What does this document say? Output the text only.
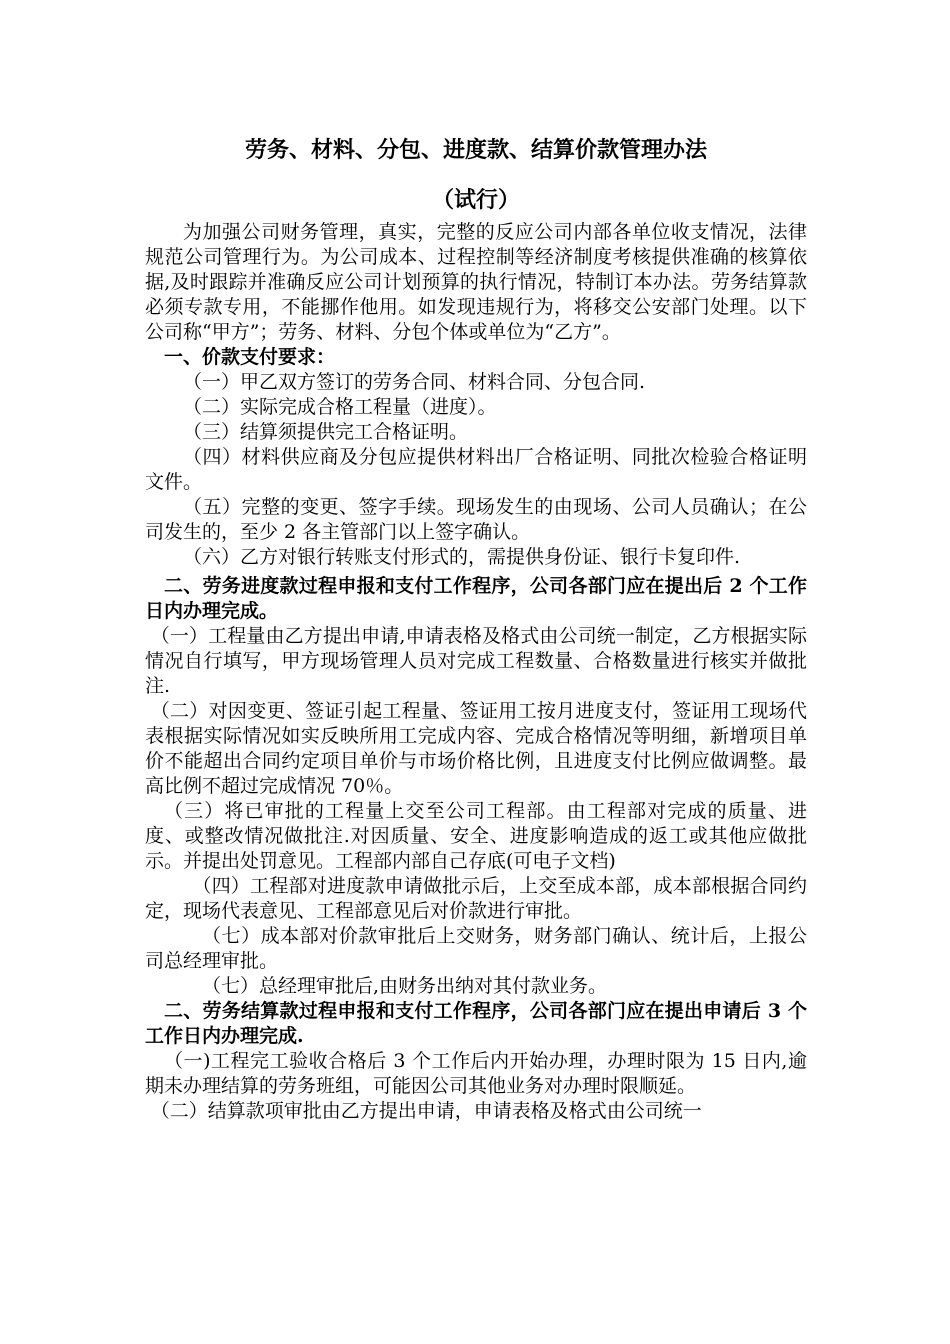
劳务、材料、分包、进度款、结算价款管理办法
（试行）

为加强公司财务管理，真实，完整的反应公司内部各单位收支情况，法律规范公司管理行为。为公司成本、过程控制等经济制度考核提供准确的核算依据,及时跟踪并准确反应公司计划预算的执行情况，特制订本办法。劳务结算款必须专款专用，不能挪作他用。如发现违规行为，将移交公安部门处理。以下公司称“甲方”；劳务、材料、分包个体或单位为“乙方”。

一、价款支付要求：

（一）甲乙双方签订的劳务合同、材料合同、分包合同.

（二）实际完成合格工程量（进度）。

（三）结算须提供完工合格证明。

（四）材料供应商及分包应提供材料出厂合格证明、同批次检验合格证明文件。

（五）完整的变更、签字手续。现场发生的由现场、公司人员确认；在公司发生的，至少 2 各主管部门以上签字确认。

（六）乙方对银行转账支付形式的，需提供身份证、银行卡复印件.

二、劳务进度款过程申报和支付工作程序，公司各部门应在提出后 2 个工作日内办理完成。

（一）工程量由乙方提出申请,申请表格及格式由公司统一制定，乙方根据实际情况自行填写，甲方现场管理人员对完成工程数量、合格数量进行核实并做批注.

（二）对因变更、签证引起工程量、签证用工按月进度支付，签证用工现场代表根据实际情况如实反映所用工完成内容、完成合格情况等明细，新增项目单价不能超出合同约定项目单价与市场价格比例，且进度支付比例应做调整。最高比例不超过完成情况 70％。

（三）将已审批的工程量上交至公司工程部。由工程部对完成的质量、进度、或整改情况做批注.对因质量、安全、进度影响造成的返工或其他应做批示。并提出处罚意见。工程部内部自己存底(可电子文档)

（四）工程部对进度款申请做批示后，上交至成本部，成本部根据合同约定，现场代表意见、工程部意见后对价款进行审批。

（七）成本部对价款审批后上交财务，财务部门确认、统计后，上报公司总经理审批。

（七）总经理审批后,由财务出纳对其付款业务。

二、劳务结算款过程申报和支付工作程序，公司各部门应在提出申请后 3 个工作日内办理完成.

（一)工程完工验收合格后 3 个工作后内开始办理，办理时限为 15 日内,逾期未办理结算的劳务班组，可能因公司其他业务对办理时限顺延。

（二）结算款项审批由乙方提出申请，申请表格及格式由公司统一
